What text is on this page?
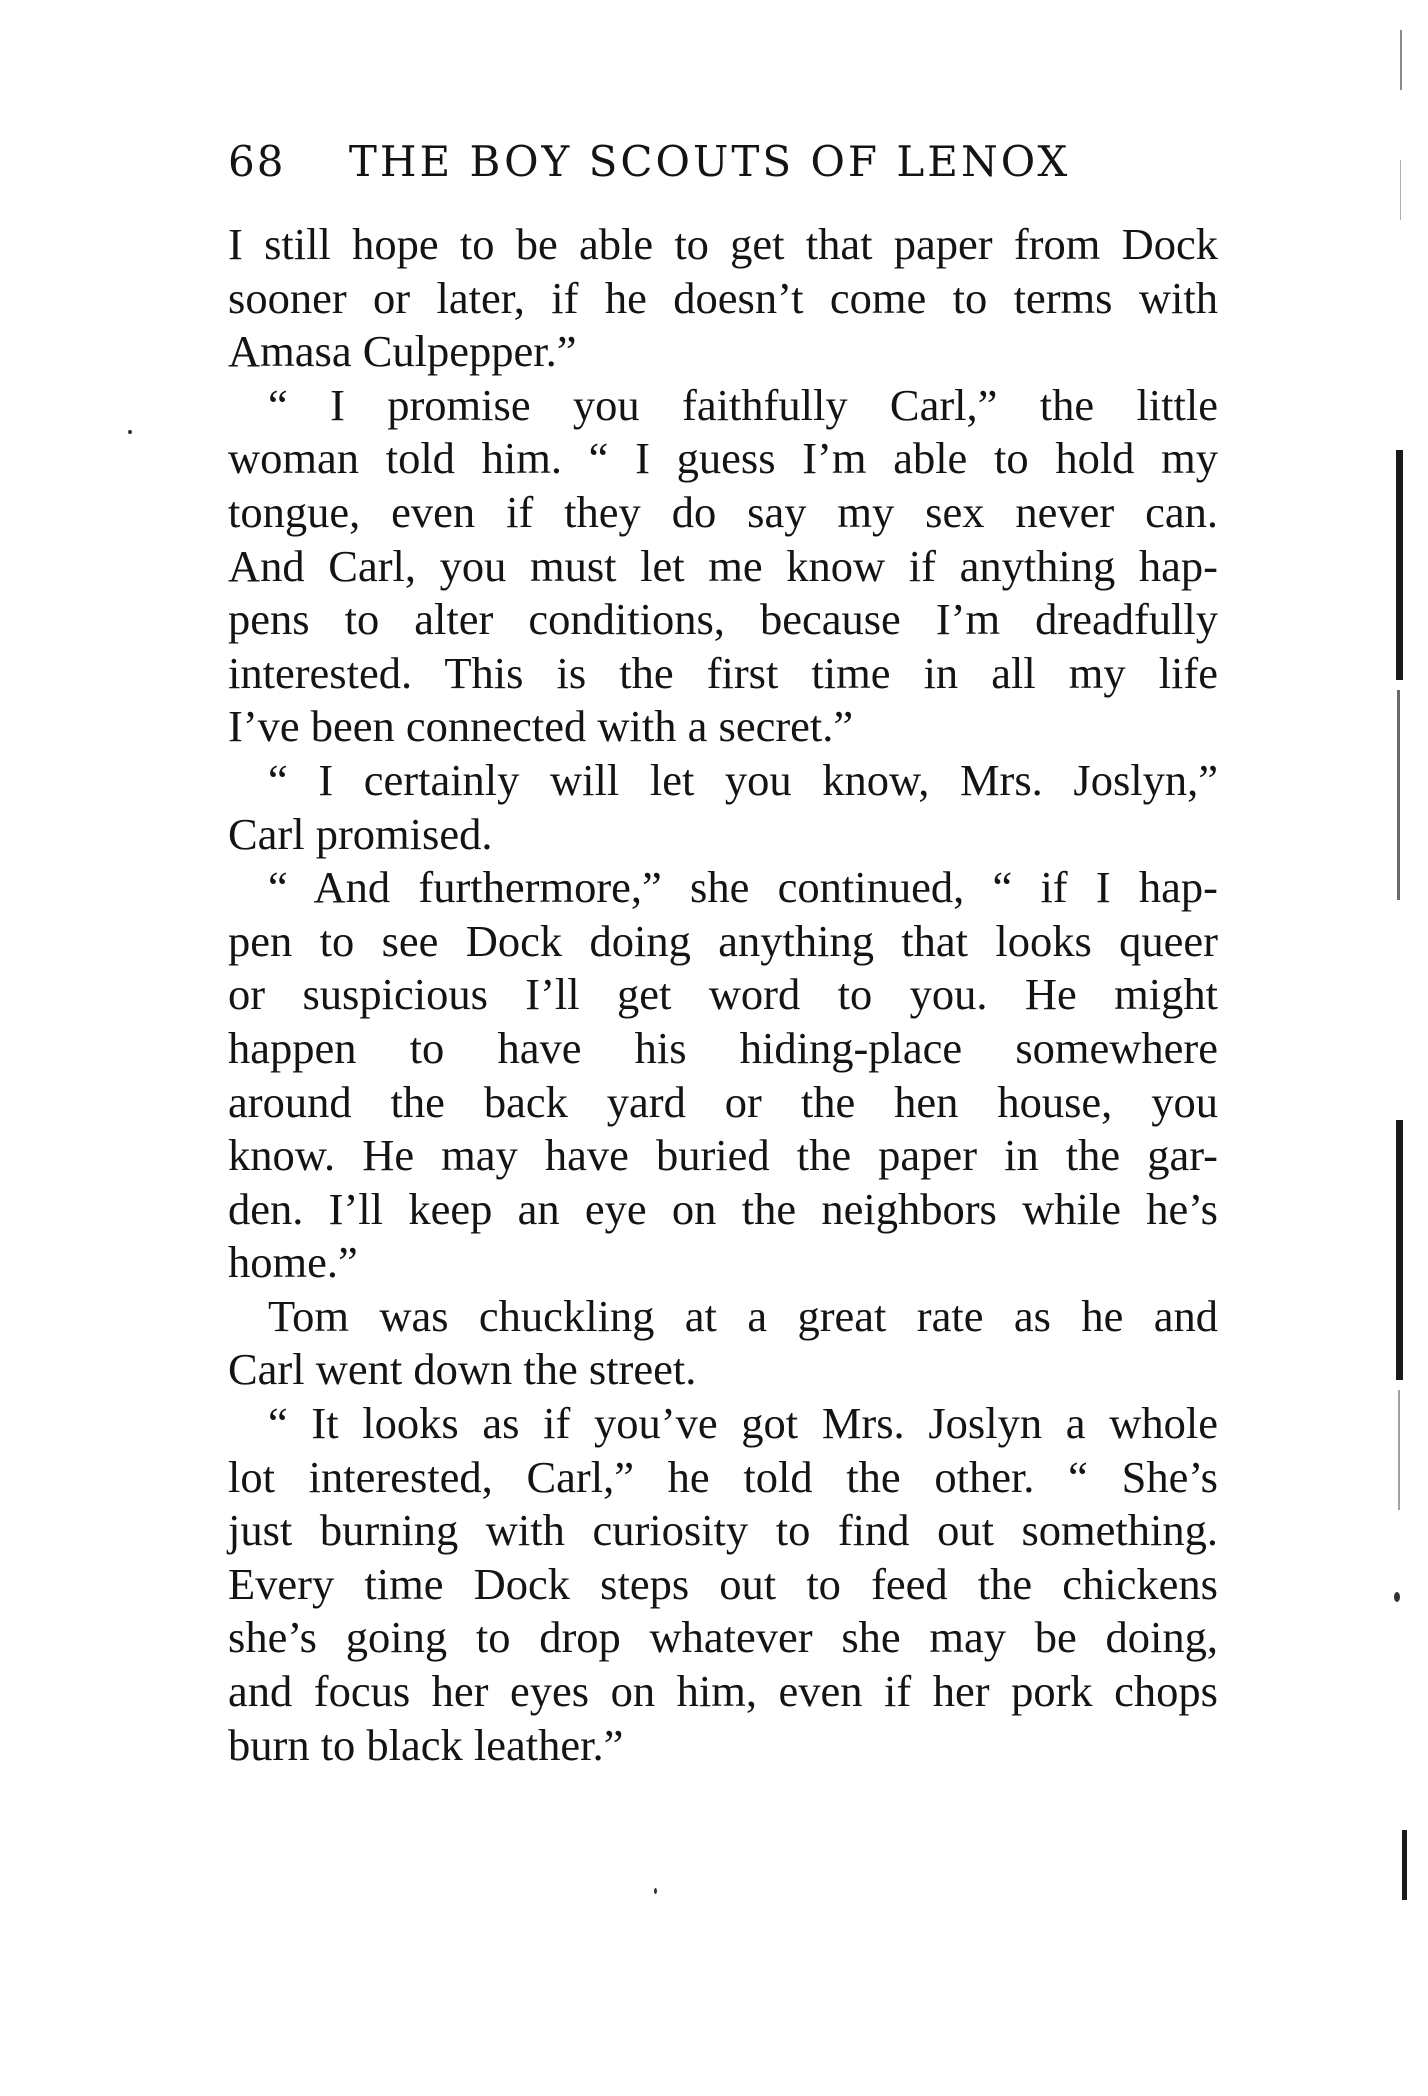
68 THE BOY SCOUTS OF LENOX
I still hope to be able to get that paper from Dock
sooner or later, if he doesn’t come to terms with
Amasa Culpepper.”
“ I promise you faithfully Carl,” the little
woman told him. “ I guess I’m able to hold my
tongue, even if they do say my sex never can.
And Carl, you must let me know if anything hap-
pens to alter conditions, because I’m dreadfully
interested. This is the first time in all my life
I’ve been connected with a secret.”
“ I certainly will let you know, Mrs. Joslyn,”
Carl promised.
“ And furthermore,” she continued, “ if I hap-
pen to see Dock doing anything that looks queer
or suspicious I’ll get word to you. He might
happen to have his hiding-place somewhere
around the back yard or the hen house, you
know. He may have buried the paper in the gar-
den. I’ll keep an eye on the neighbors while he’s
home.”
Tom was chuckling at a great rate as he and
Carl went down the street.
“ It looks as if you’ve got Mrs. Joslyn a whole
lot interested, Carl,” he told the other. “ She’s
just burning with curiosity to find out something.
Every time Dock steps out to feed the chickens
she’s going to drop whatever she may be doing,
and focus her eyes on him, even if her pork chops
burn to black leather.”
